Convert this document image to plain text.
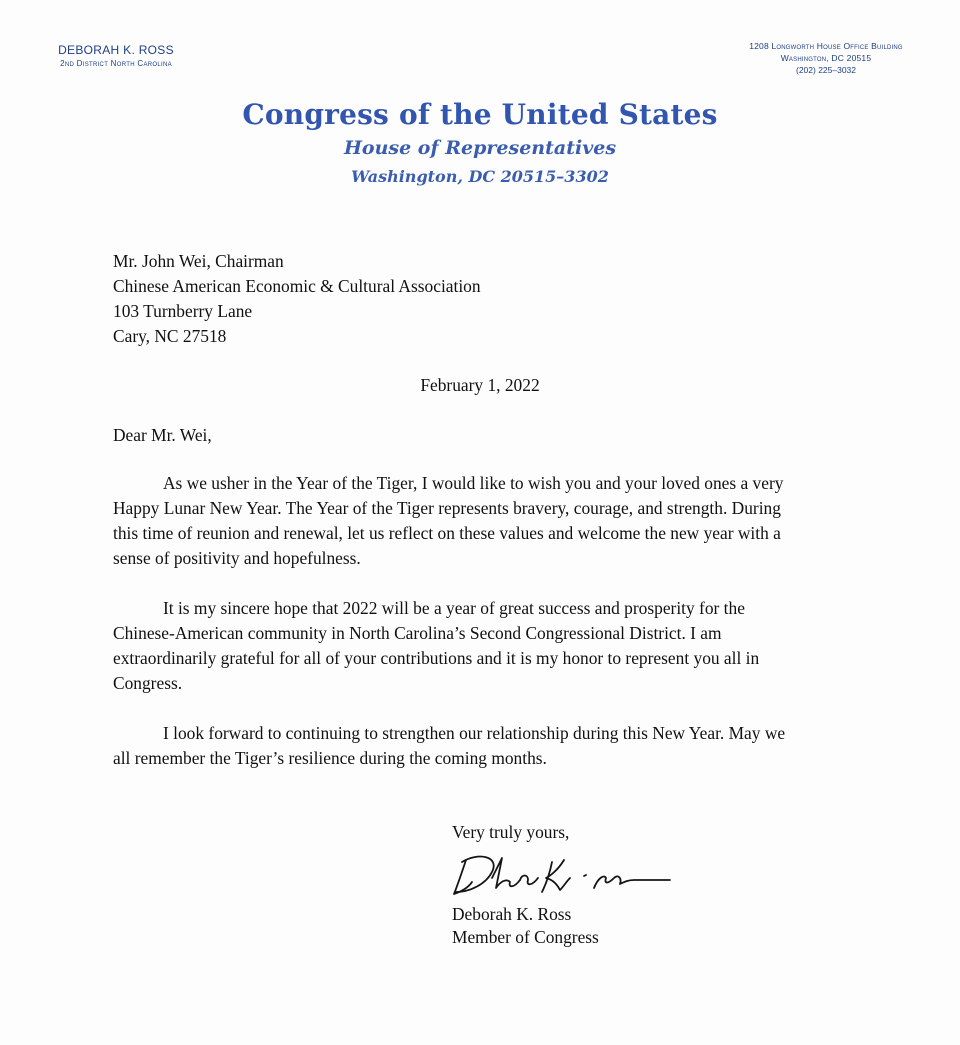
DEBORAH K. ROSS
2nd District North Carolina
1208 Longworth House Office Building
Washington, DC 20515
(202) 225–3032
Congress of the United States
House of Representatives
Washington, DC 20515–3302
Mr. John Wei, Chairman
Chinese American Economic & Cultural Association
103 Turnberry Lane
Cary, NC 27518
February 1, 2022
Dear Mr. Wei,
As we usher in the Year of the Tiger, I would like to wish you and your loved ones a very
Happy Lunar New Year. The Year of the Tiger represents bravery, courage, and strength. During
this time of reunion and renewal, let us reflect on these values and welcome the new year with a
sense of positivity and hopefulness.
It is my sincere hope that 2022 will be a year of great success and prosperity for the
Chinese-American community in North Carolina’s Second Congressional District. I am
extraordinarily grateful for all of your contributions and it is my honor to represent you all in
Congress.
I look forward to continuing to strengthen our relationship during this New Year. May we
all remember the Tiger’s resilience during the coming months.
Very truly yours,
Deborah K. Ross
Member of Congress
